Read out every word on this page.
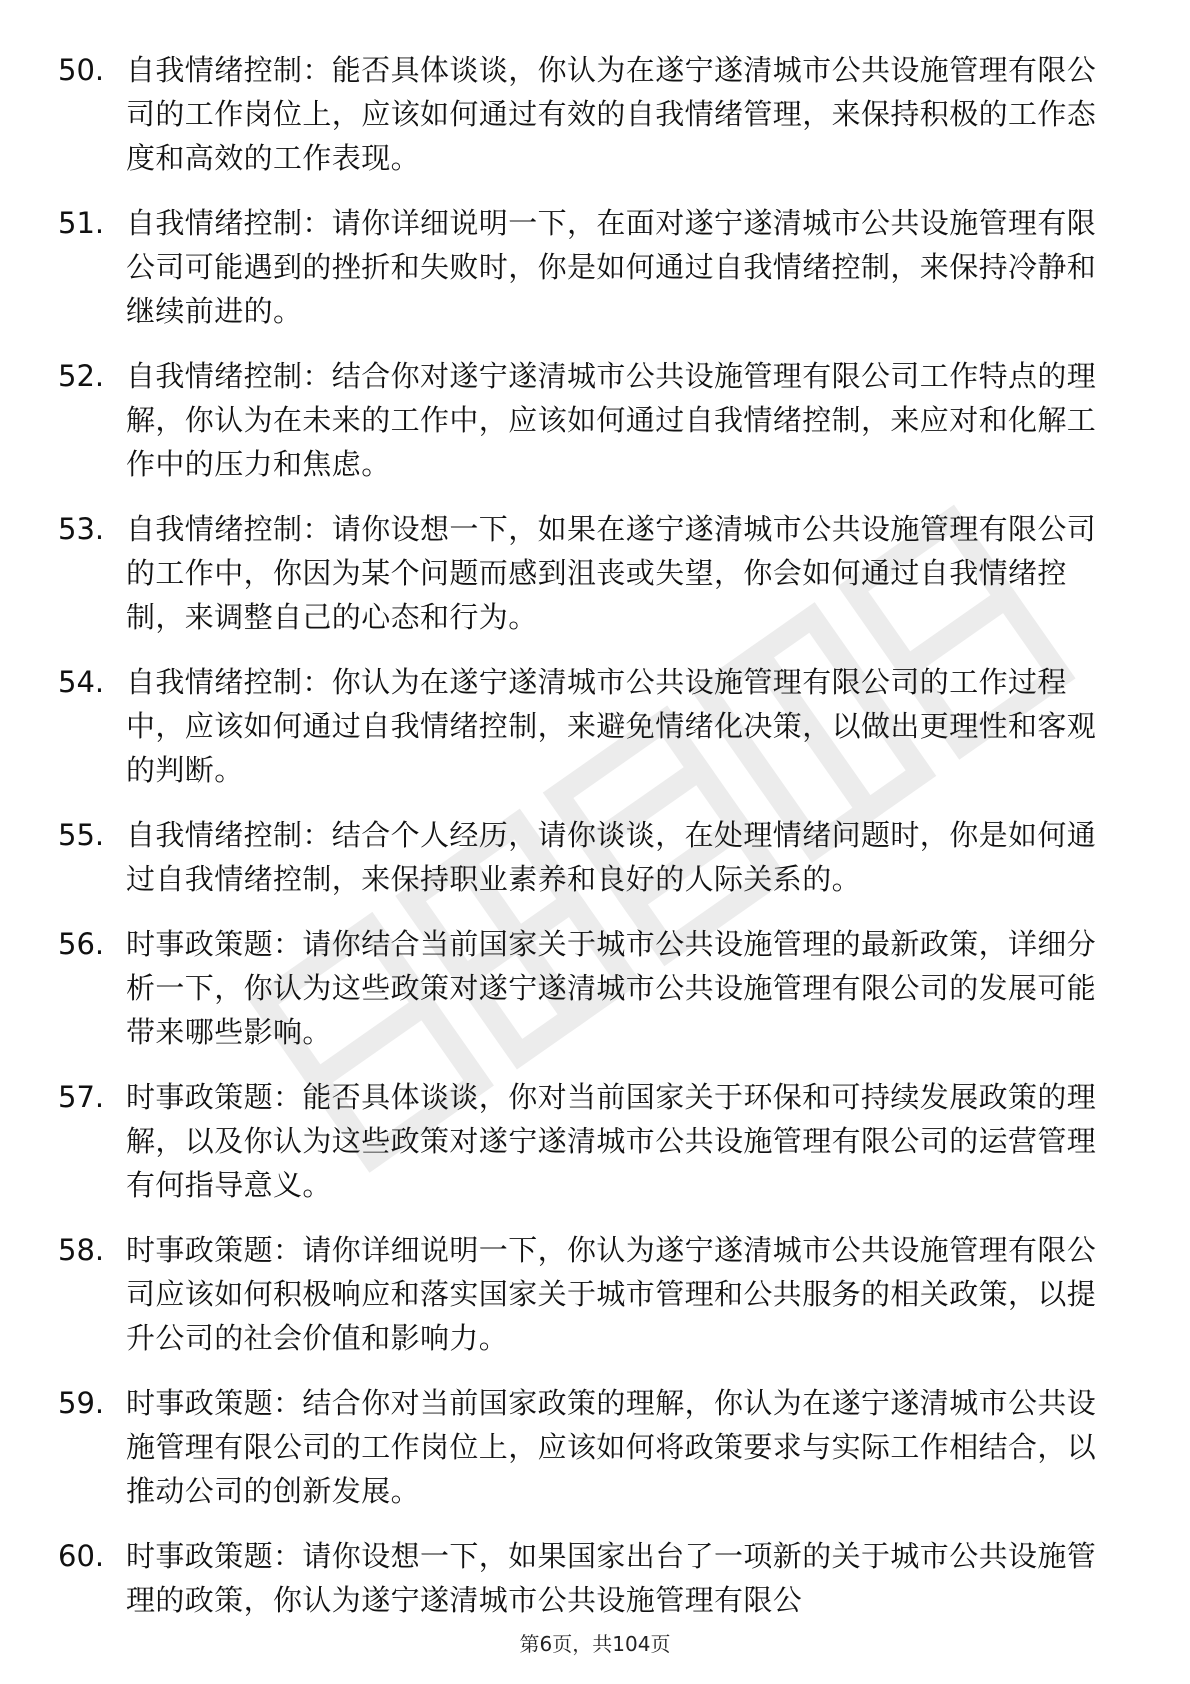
50. 自我情绪控制：能否具体谈谈，你认为在遂宁遂清城市公共设施管理有限公司的工作岗位上，应该如何通过有效的自我情绪管理，来保持积极的工作态度和高效的工作表现。
51. 自我情绪控制：请你详细说明一下，在面对遂宁遂清城市公共设施管理有限公司可能遇到的挫折和失败时，你是如何通过自我情绪控制，来保持冷静和继续前进的。
52. 自我情绪控制：结合你对遂宁遂清城市公共设施管理有限公司工作特点的理解，你认为在未来的工作中，应该如何通过自我情绪控制，来应对和化解工作中的压力和焦虑。
53. 自我情绪控制：请你设想一下，如果在遂宁遂清城市公共设施管理有限公司的工作中，你因为某个问题而感到沮丧或失望，你会如何通过自我情绪控制，来调整自己的心态和行为。
54. 自我情绪控制：你认为在遂宁遂清城市公共设施管理有限公司的工作过程中，应该如何通过自我情绪控制，来避免情绪化决策，以做出更理性和客观的判断。
55. 自我情绪控制：结合个人经历，请你谈谈，在处理情绪问题时，你是如何通过自我情绪控制，来保持职业素养和良好的人际关系的。
56. 时事政策题：请你结合当前国家关于城市公共设施管理的最新政策，详细分析一下，你认为这些政策对遂宁遂清城市公共设施管理有限公司的发展可能带来哪些影响。
57. 时事政策题：能否具体谈谈，你对当前国家关于环保和可持续发展政策的理解，以及你认为这些政策对遂宁遂清城市公共设施管理有限公司的运营管理有何指导意义。
58. 时事政策题：请你详细说明一下，你认为遂宁遂清城市公共设施管理有限公司应该如何积极响应和落实国家关于城市管理和公共服务的相关政策，以提升公司的社会价值和影响力。
59. 时事政策题：结合你对当前国家政策的理解，你认为在遂宁遂清城市公共设施管理有限公司的工作岗位上，应该如何将政策要求与实际工作相结合，以推动公司的创新发展。
60. 时事政策题：请你设想一下，如果国家出台了一项新的关于城市公共设施管理的政策，你认为遂宁遂清城市公共设施管理有限公
第6页，共104页
